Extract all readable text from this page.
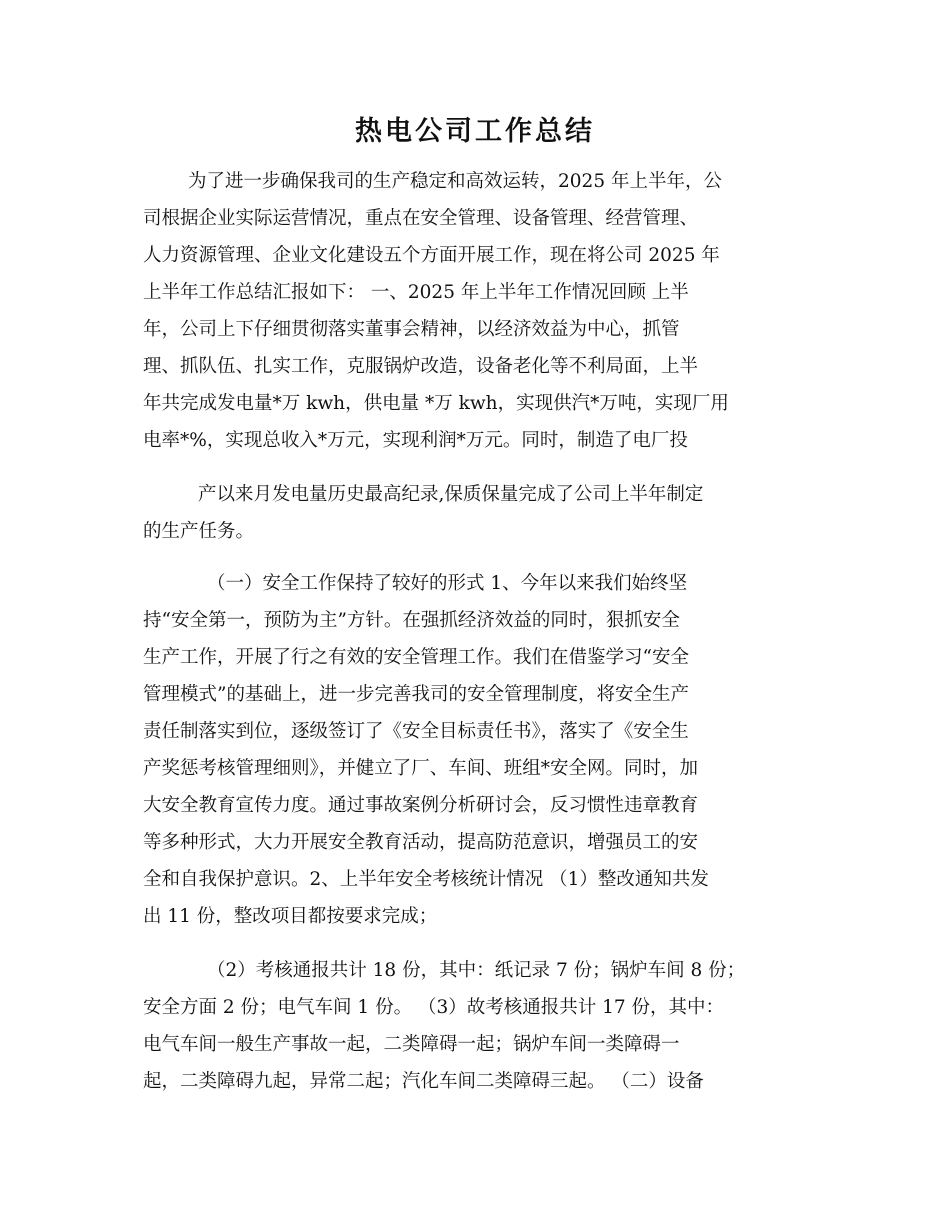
热电公司工作总结

为了进一步确保我司的生产稳定和高效运转，2025 年上半年，公

司根据企业实际运营情况，重点在安全管理、设备管理、经营管理、

人力资源管理、企业文化建设五个方面开展工作，现在将公司 2025 年

上半年工作总结汇报如下： 一、2025 年上半年工作情况回顾 上半

年，公司上下仔细贯彻落实董事会精神，以经济效益为中心，抓管

理、抓队伍、扎实工作，克服锅炉改造，设备老化等不利局面，上半

年共完成发电量*万 kwh，供电量 *万 kwh，实现供汽*万吨，实现厂用

电率*%，实现总收入*万元，实现利润*万元。同时，制造了电厂投

产以来月发电量历史最高纪录,保质保量完成了公司上半年制定

的生产任务。

（一）安全工作保持了较好的形式 1、今年以来我们始终坚

持“安全第一，预防为主”方针。在强抓经济效益的同时，狠抓安全

生产工作，开展了行之有效的安全管理工作。我们在借鉴学习“安全

管理模式”的基础上，进一步完善我司的安全管理制度，将安全生产

责任制落实到位，逐级签订了《安全目标责任书》，落实了《安全生

产奖惩考核管理细则》，并健立了厂、车间、班组*安全网。同时，加

大安全教育宣传力度。通过事故案例分析研讨会，反习惯性违章教育

等多种形式，大力开展安全教育活动，提高防范意识，增强员工的安

全和自我保护意识。2、上半年安全考核统计情况 （1）整改通知共发

出 11 份，整改项目都按要求完成；

（2）考核通报共计 18 份，其中：纸记录 7 份；锅炉车间 8 份；

安全方面 2 份；电气车间 1 份。 （3）故考核通报共计 17 份，其中：

电气车间一般生产事故一起，二类障碍一起；锅炉车间一类障碍一

起，二类障碍九起，异常二起；汽化车间二类障碍三起。 （二）设备
